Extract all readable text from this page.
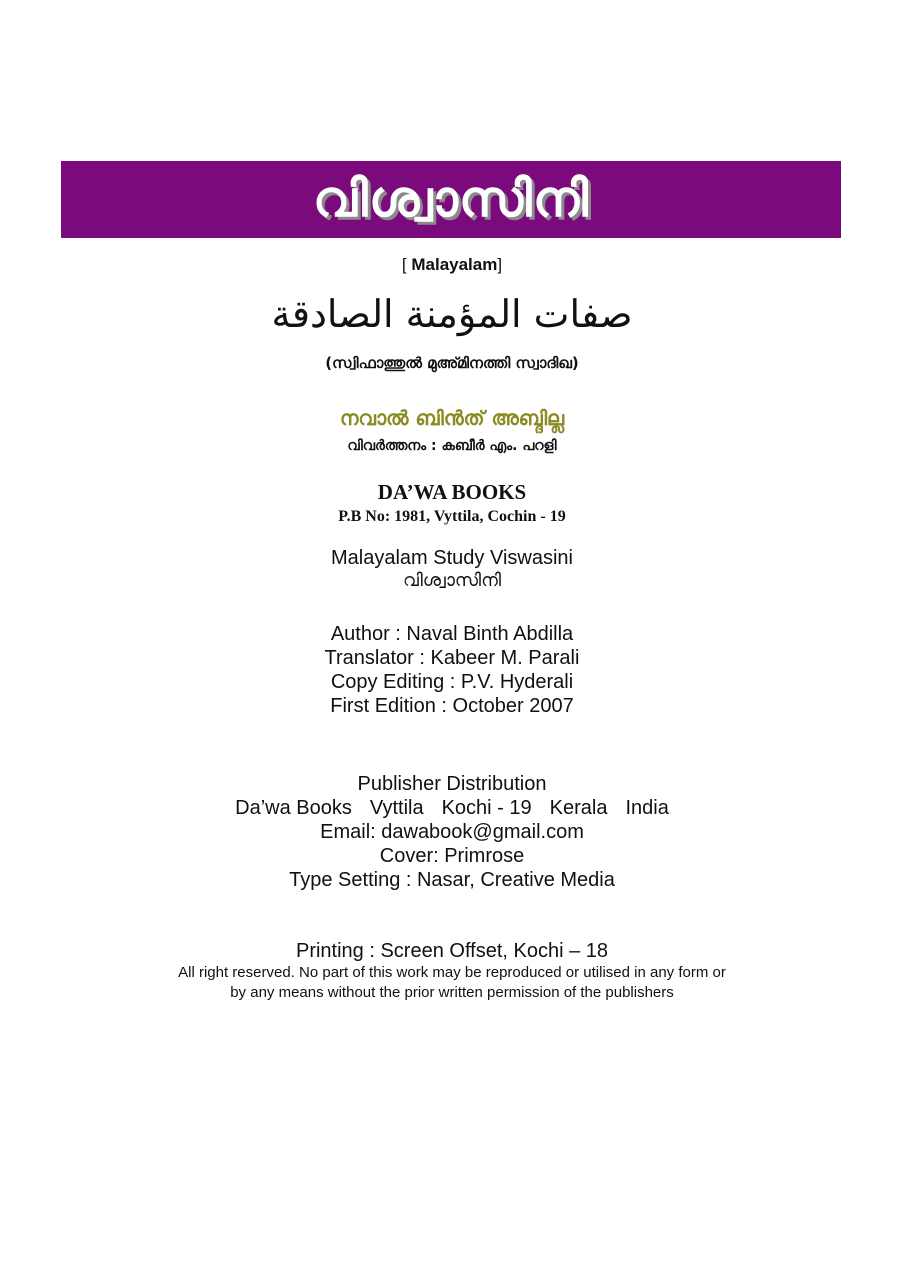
വിശ്വാസിനി
[ Malayalam]
صفات المؤمنة الصادقة
(സ്വിഫാത്തുൽ മുഅ്മിനത്തി സ്വാദിഖ)
നവാൽ ബിൻത് അബ്ദില്ല
വിവർത്തനം : കബീർ എം. പറളി
DA’WA BOOKS
P.B No: 1981, Vyttila, Cochin - 19
Malayalam Study Viswasini
വിശ്വാസിനി
Author : Naval Binth Abdilla
Translator : Kabeer M. Parali
Copy Editing : P.V. Hyderali
First Edition : October 2007
Publisher Distribution
Da’wa Books Vyttila Kochi - 19 Kerala India
Email: dawabook@gmail.com
Cover: Primrose
Type Setting : Nasar, Creative Media
Printing : Screen Offset, Kochi – 18
All right reserved. No part of this work may be reproduced or utilised in any form or
by any means without the prior written permission of the publishers
